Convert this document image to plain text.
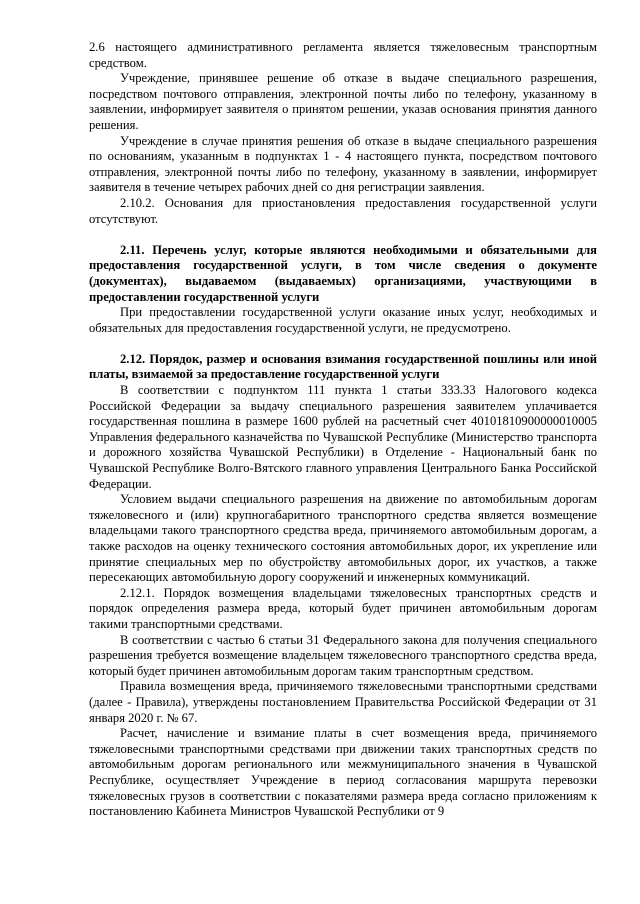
2.6 настоящего административного регламента является тяжеловесным транспортным средством.

Учреждение, принявшее решение об отказе в выдаче специального разрешения, посредством почтового отправления, электронной почты либо по телефону, указанному в заявлении, информирует заявителя о принятом решении, указав основания принятия данного решения.

Учреждение в случае принятия решения об отказе в выдаче специального разрешения по основаниям, указанным в подпунктах 1 - 4 настоящего пункта, посредством почтового отправления, электронной почты либо по телефону, указанному в заявлении, информирует заявителя в течение четырех рабочих дней со дня регистрации заявления.

2.10.2. Основания для приостановления предоставления государственной услуги отсутствуют.

2.11. Перечень услуг, которые являются необходимыми и обязательными для предоставления государственной услуги, в том числе сведения о документе (документах), выдаваемом (выдаваемых) организациями, участвующими в предоставлении государственной услуги

При предоставлении государственной услуги оказание иных услуг, необходимых и обязательных для предоставления государственной услуги, не предусмотрено.

2.12. Порядок, размер и основания взимания государственной пошлины или иной платы, взимаемой за предоставление государственной услуги

В соответствии с подпунктом 111 пункта 1 статьи 333.33 Налогового кодекса Российской Федерации за выдачу специального разрешения заявителем уплачивается государственная пошлина в размере 1600 рублей на расчетный счет 40101810900000010005 Управления федерального казначейства по Чувашской Республике (Министерство транспорта и дорожного хозяйства Чувашской Республики) в Отделение - Национальный банк по Чувашской Республике Волго-Вятского главного управления Центрального Банка Российской Федерации.

Условием выдачи специального разрешения на движение по автомобильным дорогам тяжеловесного и (или) крупногабаритного транспортного средства является возмещение владельцами такого транспортного средства вреда, причиняемого автомобильным дорогам, а также расходов на оценку технического состояния автомобильных дорог, их укрепление или принятие специальных мер по обустройству автомобильных дорог, их участков, а также пересекающих автомобильную дорогу сооружений и инженерных коммуникаций.

2.12.1. Порядок возмещения владельцами тяжеловесных транспортных средств и порядок определения размера вреда, который будет причинен автомобильным дорогам такими транспортными средствами.

В соответствии с частью 6 статьи 31 Федерального закона для получения специального разрешения требуется возмещение владельцем тяжеловесного транспортного средства вреда, который будет причинен автомобильным дорогам таким транспортным средством.

Правила возмещения вреда, причиняемого тяжеловесными транспортными средствами (далее - Правила), утверждены постановлением Правительства Российской Федерации от 31 января 2020 г. № 67.

Расчет, начисление и взимание платы в счет возмещения вреда, причиняемого тяжеловесными транспортными средствами при движении таких транспортных средств по автомобильным дорогам регионального или межмуниципального значения в Чувашской Республике, осуществляет Учреждение в период согласования маршрута перевозки тяжеловесных грузов в соответствии с показателями размера вреда согласно приложениям к постановлению Кабинета Министров Чувашской Республики от 9
